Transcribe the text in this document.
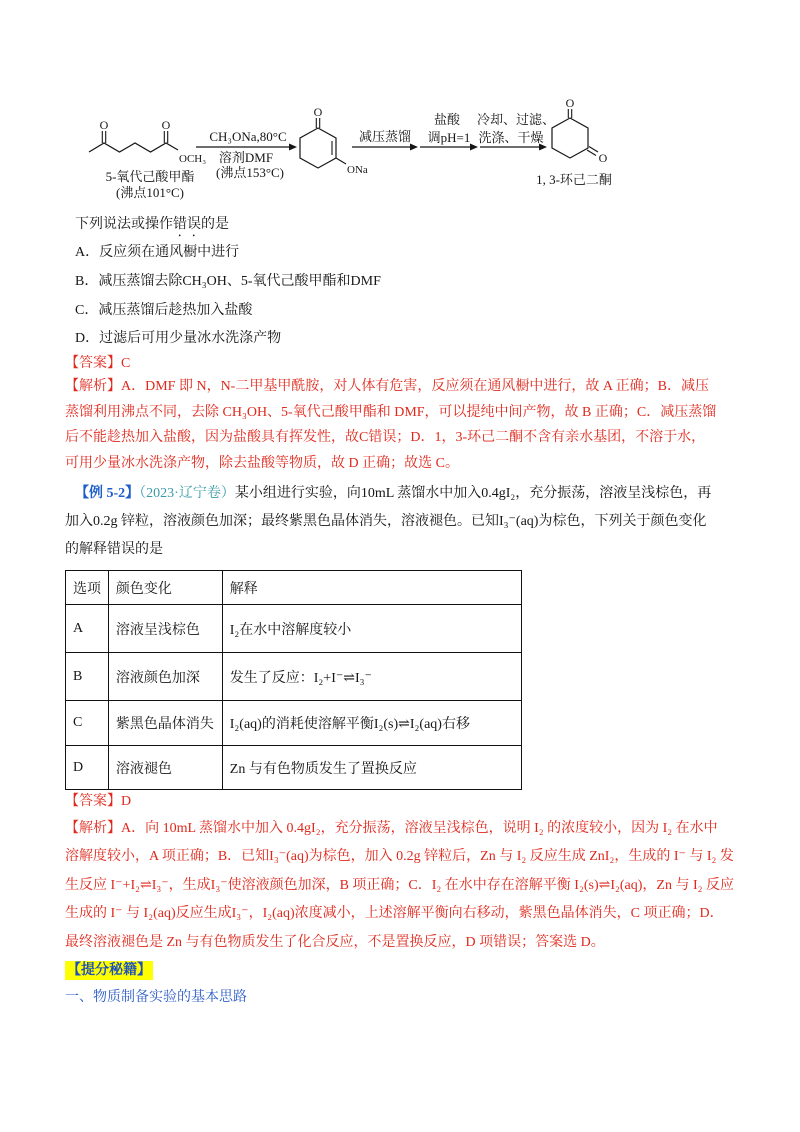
O	O
OCH₃
5-氧代己酸甲酯
(沸点101°C)
CH₃ONa,80°C
溶剂DMF
(沸点153°C)
O
ONa
减压蒸馏
盐酸
调pH=1
冷却、过滤、
洗涤、干燥
O
O
1, 3-环己二酮
下列说法或操作错误的是
A．反应须在通风橱中进行
B．减压蒸馏去除CH₃OH、5-氧代己酸甲酯和DMF
C．减压蒸馏后趁热加入盐酸
D．过滤后可用少量冰水洗涤产物
【答案】C
【解析】A．DMF 即 N，N-二甲基甲酰胺，对人体有危害，反应须在通风橱中进行，故 A 正确；B．减压
蒸馏利用沸点不同，去除 CH₃OH、5-氧代己酸甲酯和 DMF，可以提纯中间产物，故 B 正确；C．减压蒸馏
后不能趁热加入盐酸，因为盐酸具有挥发性，故C错误；D．1，3-环己二酮不含有亲水基团，不溶于水，
可用少量冰水洗涤产物，除去盐酸等物质，故 D 正确；故选 C。
【例 5-2】（2023·辽宁卷）某小组进行实验，向10mL 蒸馏水中加入0.4gI₂，充分振荡，溶液呈浅棕色，再
加入0.2g 锌粒，溶液颜色加深；最终紫黑色晶体消失，溶液褪色。已知I₃⁻(aq)为棕色，下列关于颜色变化
的解释错误的是
选项	颜色变化	解释
A	溶液呈浅棕色	I₂在水中溶解度较小
B	溶液颜色加深	发生了反应：I₂+I⁻⇌I₃⁻
C	紫黑色晶体消失	I₂(aq)的消耗使溶解平衡I₂(s)⇌I₂(aq)右移
D	溶液褪色	Zn 与有色物质发生了置换反应
【答案】D
【解析】A．向 10mL 蒸馏水中加入 0.4gI₂，充分振荡，溶液呈浅棕色，说明 I₂ 的浓度较小，因为 I₂ 在水中
溶解度较小，A 项正确；B．已知I₃⁻(aq)为棕色，加入 0.2g 锌粒后，Zn 与 I₂ 反应生成 ZnI₂，生成的 I⁻ 与 I₂ 发
生反应 I⁻+I₂⇌I₃⁻，生成I₃⁻使溶液颜色加深，B 项正确；C．I₂ 在水中存在溶解平衡 I₂(s)⇌I₂(aq)，Zn 与 I₂ 反应
生成的 I⁻ 与 I₂(aq)反应生成I₃⁻，I₂(aq)浓度减小，上述溶解平衡向右移动，紫黑色晶体消失，C 项正确；D．
最终溶液褪色是 Zn 与有色物质发生了化合反应，不是置换反应，D 项错误；答案选 D。
【提分秘籍】
一、物质制备实验的基本思路
